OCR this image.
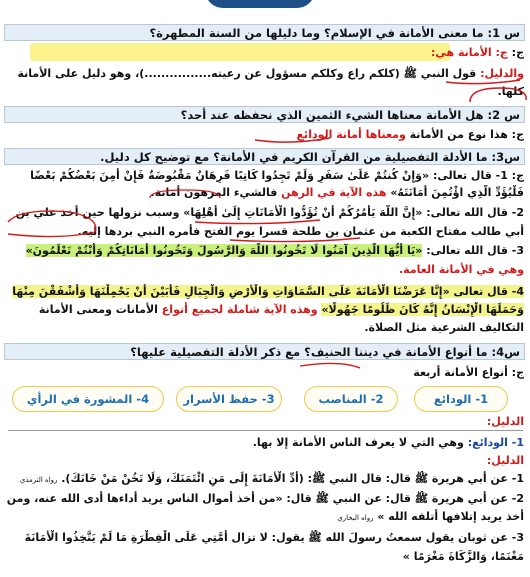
س 1: ما معنى الأمانة في الإسلام؟ وما دليلها من السنة المطهرة؟
ج: ج: الأمانة هي:
والدليل: قول النبي ﷺ (كلكم راع وكلكم مسؤول عن رعيته................)، وهو دليل على الأمانة
كلها.
س 2: هل الأمانة معناها الشيء الثمين الذي نحفظه عند أحد؟
ج: هذا نوع من الأمانة ومعناها أمانة الودائع
س3: ما الأدلة التفصيلية من القرآن الكريم في الأمانة؟ مع توضيح كل دليل.
ج: 1- قال تعالى: «وَإِنْ كُنتُمْ عَلَىٰ سَفَرٍ وَلَمْ تَجِدُوا كَاتِبًا فَرِهَانٌ مَقْبُوضَةٌ فَإِنْ أَمِنَ بَعْضُكُمْ بَعْضًا
فَلْيُؤَدِّ الَّذِي اؤْتُمِنَ أَمَانَتَهُ» هذه الآية في الرهن فالشيء المرهون أمانة.
2- قال الله تعالى: «إِنَّ اللَّهَ يَأْمُرُكُمْ أَنْ تُؤَدُّوا الْأَمَانَاتِ إِلَىٰ أَهْلِهَا» وسبب نزولها حين أخذ علي بن
أبي طالب مفتاح الكعبة من عثمان بن طلحة قسرا يوم الفتح فأمره النبي بردها إليه.
3- قال الله تعالى: «يَا أَيُّهَا الَّذِينَ آمَنُوا لَا تَخُونُوا اللَّهَ وَالرَّسُولَ وَتَخُونُوا أَمَانَاتِكُمْ وَأَنْتُمْ تَعْلَمُونَ»
وهي في الأمانة العامة.
4- قال تعالى «إِنَّا عَرَضْنَا الْأَمَانَةَ عَلَى السَّمَاوَاتِ وَالْأَرْضِ وَالْجِبَالِ فَأَبَيْنَ أَنْ يَحْمِلْنَهَا وَأَشْفَقْنَ مِنْهَا
وَحَمَلَهَا الْإِنْسَانُ إِنَّهُ كَانَ ظَلُومًا جَهُولًا» وهذه الآية شاملة لجميع أنواع الأمانات ومعنى الأمانة
التكاليف الشرعية مثل الصلاة.
س4: ما أنواع الأمانة في ديننا الحنيف؟ مع ذكر الأدلة التفصيلية عليها؟
ج: أنواع الأمانة أربعة
1- الودائع
2- المناصب
3- حفظ الأسرار
4- المشورة في الرأي
الدليل:
1- الودائع: وهي التي لا يعرف الناس الأمانة إلا بها.
الدليل:
1- عن أبي هريرة ﷺ قال: قال النبي ﷺ: (أَدِّ الْأَمَانَةَ إِلَى مَنِ ائْتَمَنَكَ، وَلَا تَخُنْ مَنْ خَانَكَ). رواه الترمذي
2- عن أبي هريرة ﷺ قال: عن النبي ﷺ قال: «من أخذ أموال الناس يريد أداءها أدى الله عنه، ومن
أخذ يريد إتلافها أتلفه الله » رواه البخاري
3- عن ثوبان يقول سمعتُ رسولَ الله ﷺ يقول: لا تزال أُمَّتِي عَلَى الْفِطْرَةِ مَا لَمْ يَتَّخِذُوا الْأَمَانَةَ
مَغْنَمًا، وَالزَّكَاةَ مَغْرَمًا »
